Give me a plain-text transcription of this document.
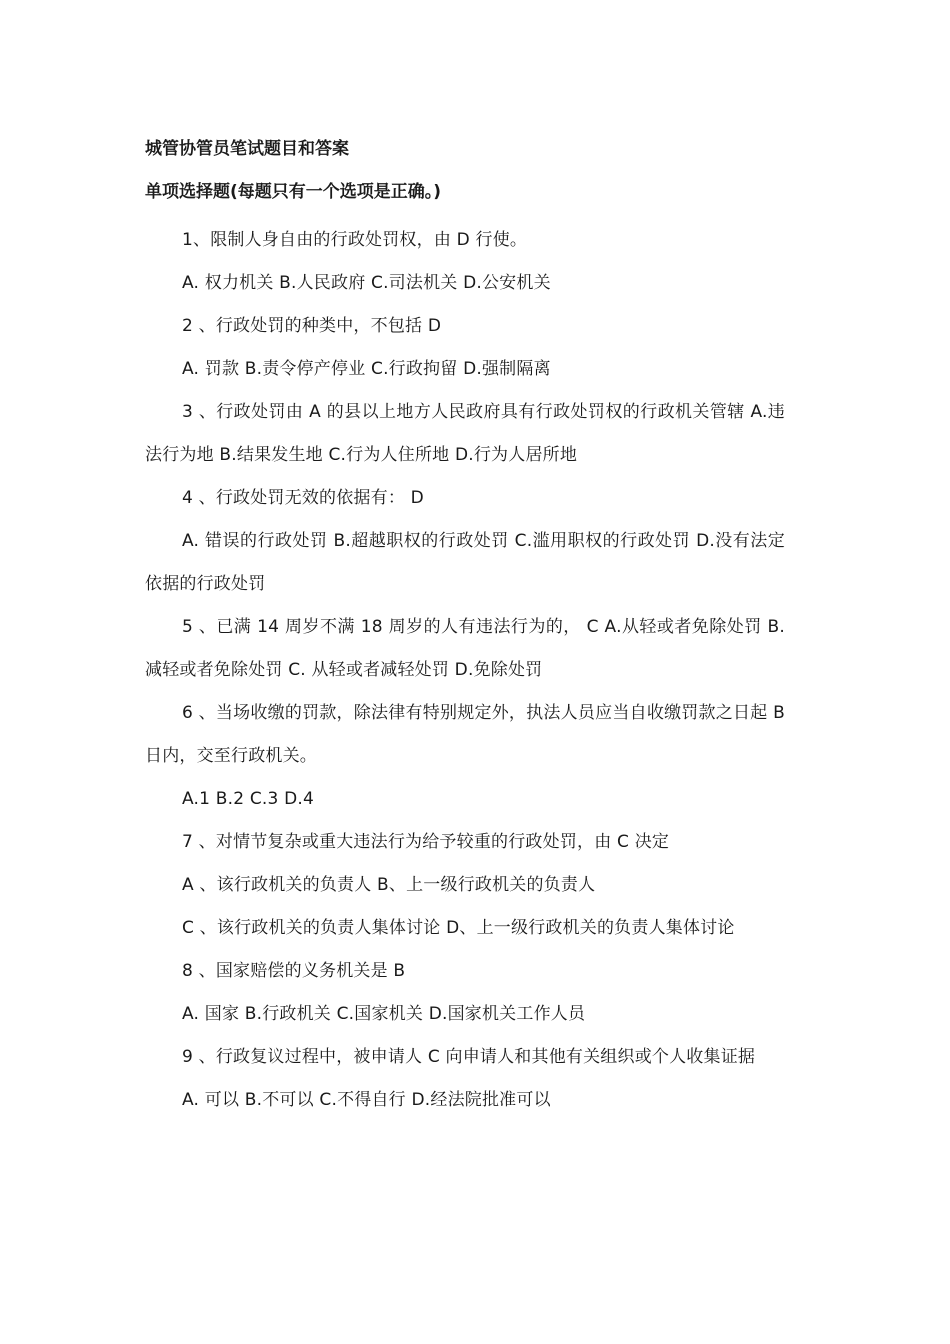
城管协管员笔试题目和答案
单项选择题(每题只有一个选项是正确。)

1、限制人身自由的行政处罚权，由 D 行使。

A. 权力机关 B.人民政府 C.司法机关 D.公安机关

2 、行政处罚的种类中，不包括 D

A. 罚款 B.责令停产停业 C.行政拘留 D.强制隔离

3 、行政处罚由 A 的县以上地方人民政府具有行政处罚权的行政机关管辖 A.违法行为地 B.结果发生地 C.行为人住所地 D.行为人居所地

4 、行政处罚无效的依据有： D

A. 错误的行政处罚 B.超越职权的行政处罚 C.滥用职权的行政处罚 D.没有法定依据的行政处罚

5 、已满 14 周岁不满 18 周岁的人有违法行为的， C A.从轻或者免除处罚 B.减轻或者免除处罚 C. 从轻或者减轻处罚 D.免除处罚

6 、当场收缴的罚款，除法律有特别规定外，执法人员应当自收缴罚款之日起 B 日内，交至行政机关。

A.1 B.2 C.3 D.4

7 、对情节复杂或重大违法行为给予较重的行政处罚，由 C 决定

A 、该行政机关的负责人 B、上一级行政机关的负责人

C 、该行政机关的负责人集体讨论 D、上一级行政机关的负责人集体讨论

8 、国家赔偿的义务机关是 B

A. 国家 B.行政机关 C.国家机关 D.国家机关工作人员

9 、行政复议过程中，被申请人 C 向申请人和其他有关组织或个人收集证据

A. 可以 B.不可以 C.不得自行 D.经法院批准可以
